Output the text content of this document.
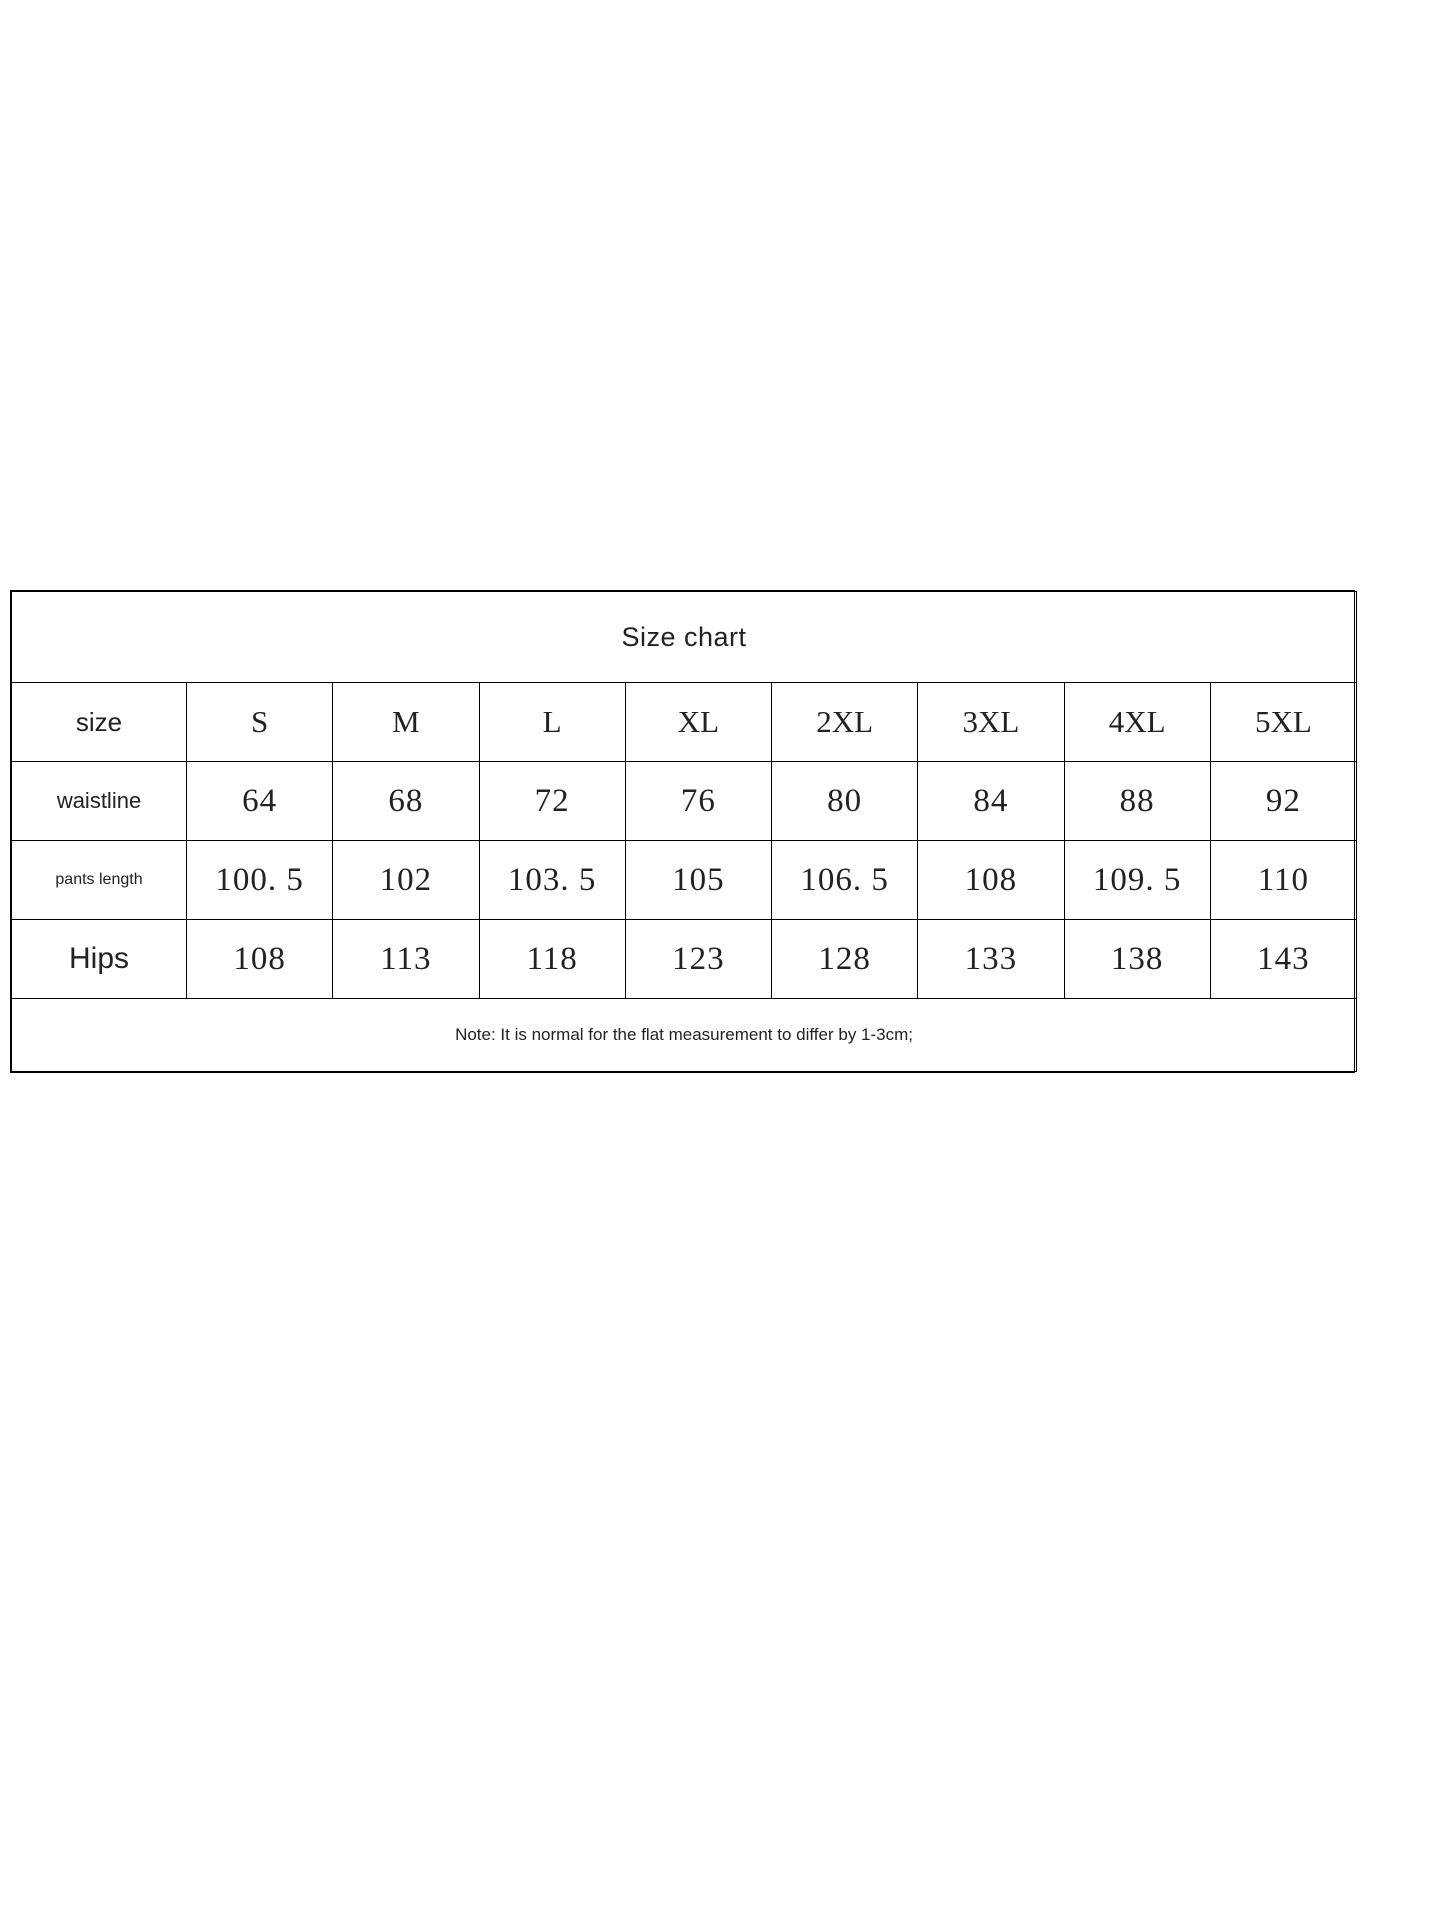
Size chart								
size	S	M	L	XL	2XL	3XL	4XL	5XL
waistline	64	68	72	76	80	84	88	92
pants length	100. 5	102	103. 5	105	106. 5	108	109. 5	110
Hips	108	113	118	123	128	133	138	143
Note: It is normal for the flat measurement to differ by 1-3cm;								
